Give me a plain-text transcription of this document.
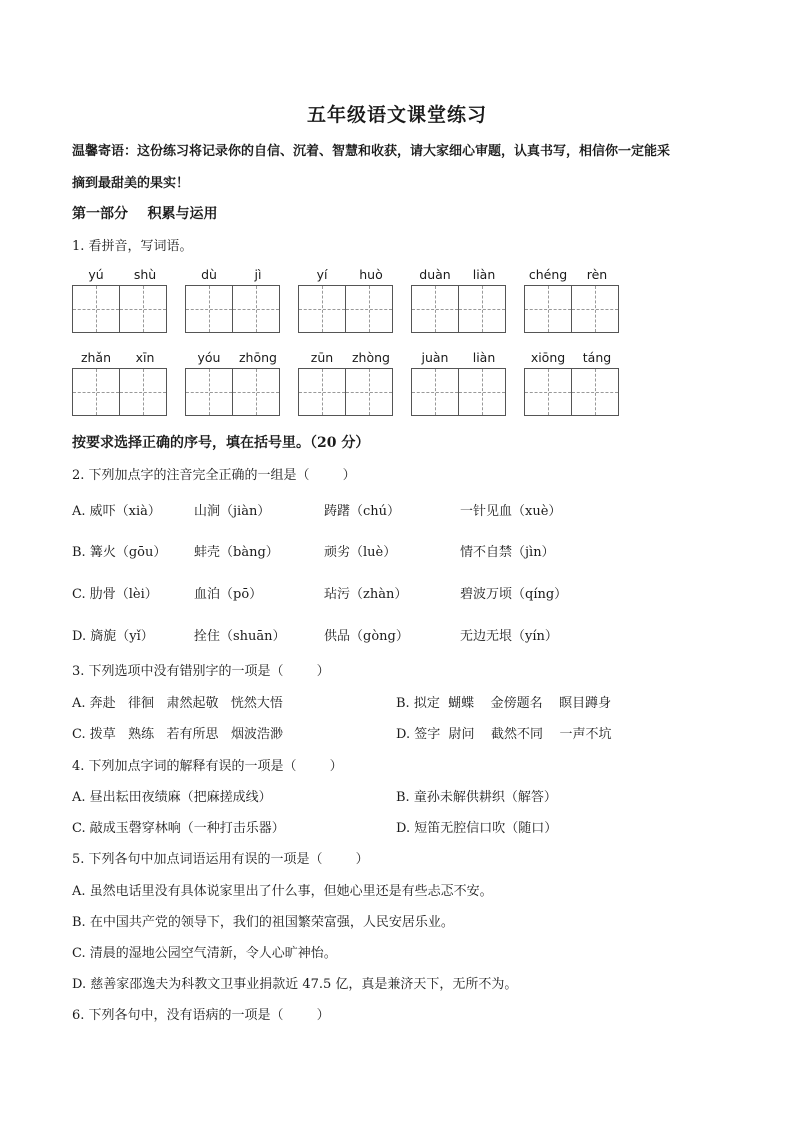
五年级语文课堂练习
温馨寄语：这份练习将记录你的自信、沉着、智慧和收获，请大家细心审题，认真书写，相信你一定能采
摘到最甜美的果实！
第一部分    积累与运用
1. 看拼音，写词语。
yú	shù	dù	jì	yí	huò	duàn	liàn	chéng	rèn
zhǎn	xīn	yóu	zhōng	zūn	zhòng	juàn	liàn	xiōng	táng
按要求选择正确的序号，填在括号里。（20 分）
2. 下列加点字的注音完全正确的一组是（        ）
A. 威吓（xià）	山涧（jiàn）	踌躇（chú）	一针见血（xuè）
B. 篝火（gōu） 蚌壳（bàng）	顽劣（luè）	情不自禁（jìn）
C. 肋骨（lèi）	血泊（pō）	玷污（zhàn）	碧波万顷（qíng）
D. 旖旎（yǐ）	拴住（shuān）	供品（gòng）	无边无垠（yín）
3. 下列选项中没有错别字的一项是（        ）
A. 奔赴   徘徊   肃然起敬   恍然大悟	B. 拟定  蝴蝶    金傍题名    瞑目蹲身
C. 拨草   熟练   若有所思   烟波浩渺	D. 签字  尉问    截然不同    一声不坑
4. 下列加点字词的解释有误的一项是（        ）
A. 昼出耘田夜绩麻（把麻搓成线）	B. 童孙未解供耕织（解答）
C. 敲成玉磬穿林响（一种打击乐器）	D. 短笛无腔信口吹（随口）
5. 下列各句中加点词语运用有误的一项是（        ）
A. 虽然电话里没有具体说家里出了什么事，但她心里还是有些忐忑不安。
B. 在中国共产党的领导下，我们的祖国繁荣富强，人民安居乐业。
C. 清晨的湿地公园空气清新，令人心旷神怡。
D. 慈善家邵逸夫为科教文卫事业捐款近 47.5 亿，真是兼济天下，无所不为。
6. 下列各句中，没有语病的一项是（        ）
